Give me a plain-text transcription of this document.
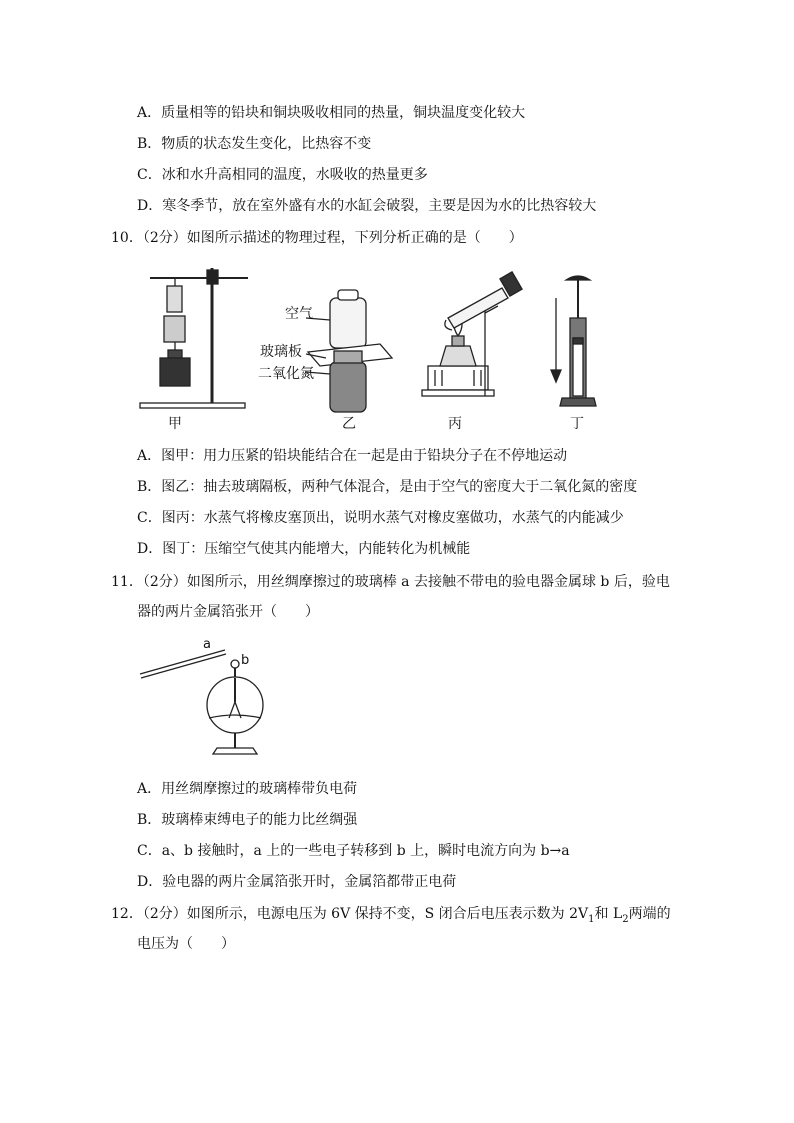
A．质量相等的铅块和铜块吸收相同的热量，铜块温度变化较大
B．物质的状态发生变化，比热容不变
C．冰和水升高相同的温度，水吸收的热量更多
D．寒冬季节，放在室外盛有水的水缸会破裂，主要是因为水的比热容较大
10．（2分）如图所示描述的物理过程，下列分析正确的是（　　）
甲
空气
玻璃板
二氧化氮
乙	丙	丁
A．图甲：用力压紧的铅块能结合在一起是由于铅块分子在不停地运动
B．图乙：抽去玻璃隔板，两种气体混合，是由于空气的密度大于二氧化氮的密度
C．图丙：水蒸气将橡皮塞顶出，说明水蒸气对橡皮塞做功，水蒸气的内能减少
D．图丁：压缩空气使其内能增大，内能转化为机械能
11．（2分）如图所示，用丝绸摩擦过的玻璃棒 a 去接触不带电的验电器金属球 b 后，验电
器的两片金属箔张开（　　）
a
b
A．用丝绸摩擦过的玻璃棒带负电荷
B．玻璃棒束缚电子的能力比丝绸强
C．a、b 接触时，a 上的一些电子转移到 b 上，瞬时电流方向为 b→a
D．验电器的两片金属箔张开时，金属箔都带正电荷
12．（2分）如图所示，电源电压为 6V 保持不变，S 闭合后电压表示数为 $2V_1$和 $L_2$两端的
电压为（　　）
